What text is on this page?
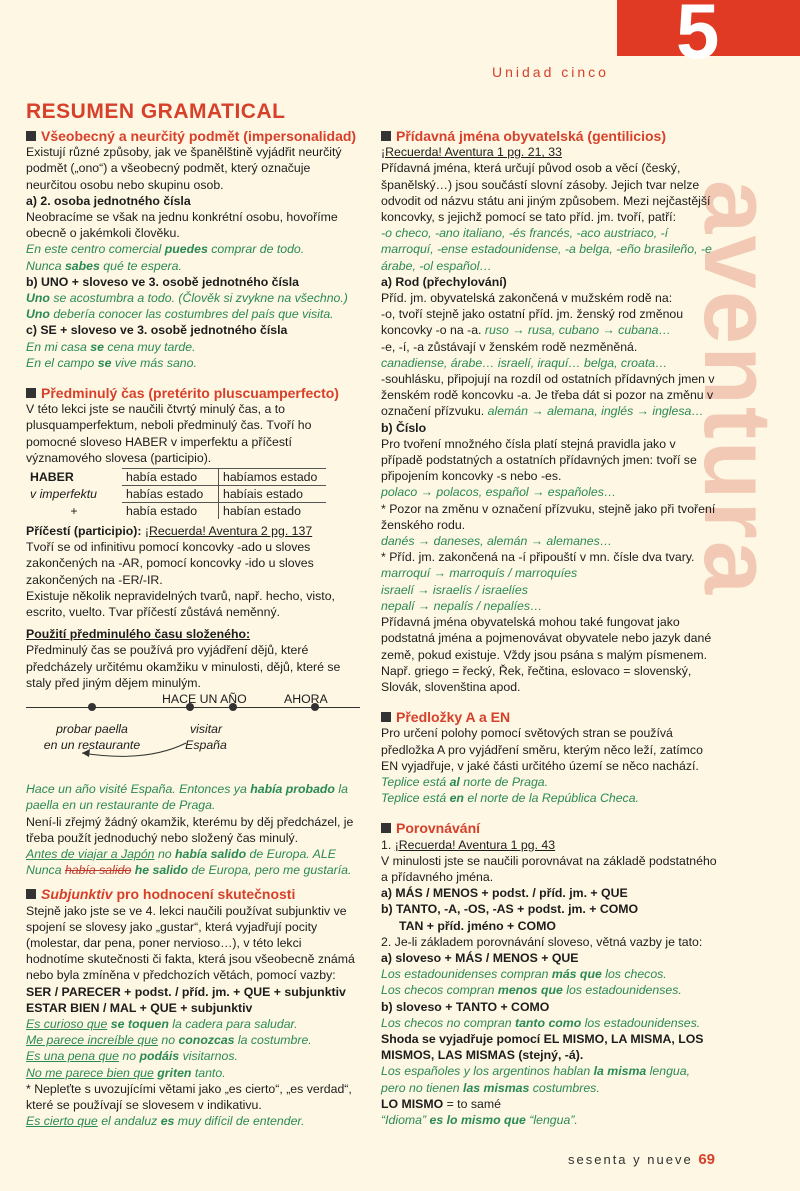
5
Unidad cinco
aventura
RESUMEN GRAMATICAL
Všeobecný a neurčitý podmět (impersonalidad)

Existují různé způsoby, jak ve španělštině vyjádřit neurčitý podmět („ono“) a všeobecný podmět, který označuje neurčitou osobu nebo skupinu osob.

a) 2. osoba jednotného čísla

Neobracíme se však na jednu konkrétní osobu, hovoříme obecně o jakémkoli člověku.

En este centro comercial puedes comprar de todo.

Nunca sabes qué te espera.

b) UNO + sloveso ve 3. osobě jednotného čísla

Uno se acostumbra a todo. (Člověk si zvykne na všechno.)

Uno debería conocer las costumbres del país que visita.

c) SE + sloveso ve 3. osobě jednotného čísla

En mi casa se cena muy tarde.

En el campo se vive más sano.

Předminulý čas (pretérito pluscuamperfecto)

V této lekci jste se naučili čtvrtý minulý čas, a to plusquamperfektum, neboli předminulý čas. Tvoří ho pomocné sloveso HABER v imperfektu a příčestí významového slovesa (participio).

HABER	había estado	habíamos estado
v imperfektu	habías estado	habíais estado
+	había estado	habían estado

Příčestí (participio): ¡Recuerda! Aventura 2 pg. 137

Tvoří se od infinitivu pomocí koncovky -ado u sloves zakončených na -AR, pomocí koncovky -ido u sloves zakončených na -ER/-IR.

Existuje několik nepravidelných tvarů, např. hecho, visto, escrito, vuelto. Tvar příčestí zůstává neměnný.

Použití předminulého času složeného:

Předminulý čas se používá pro vyjádření dějů, které předcházely určitému okamžiku v minulosti, dějů, které se staly před jiným dějem minulým.

HACE UN AÑO	AHORA
probar paella
en un restaurante
visitar
España

Hace un año visité España. Entonces ya había probado la paella en un restaurante de Praga.

Není-li zřejmý žádný okamžik, kterému by děj předcházel, je třeba použít jednoduchý nebo složený čas minulý.

Antes de viajar a Japón no había salido de Europa. ALE

Nunca había salido he salido de Europa, pero me gustaría.

Subjunktiv pro hodnocení skutečnosti

Stejně jako jste se ve 4. lekci naučili používat subjunktiv ve spojení se slovesy jako „gustar“, která vyjadřují pocity (molestar, dar pena, poner nervioso…), v této lekci hodnotíme skutečnosti či fakta, která jsou všeobecně známá nebo byla zmíněna v předchozích větách, pomocí vazby:

SER / PARECER + podst. / příd. jm. + QUE + subjunktiv

ESTAR BIEN / MAL + QUE + subjunktiv

Es curioso que se toquen la cadera para saludar.

Me parece increíble que no conozcas la costumbre.

Es una pena que no podáis visitarnos.

No me parece bien que griten tanto.

* Nepleťte s uvozujícími větami jako „es cierto“, „es verdad“, které se používají se slovesem v indikativu.

Es cierto que el andaluz es muy difícil de entender.

Přídavná jména obyvatelská (gentilicios)

¡Recuerda! Aventura 1 pg. 21, 33

Přídavná jména, která určují původ osob a věcí (český, španělský…) jsou součástí slovní zásoby. Jejich tvar nelze odvodit od názvu státu ani jiným způsobem. Mezi nejčastější koncovky, s jejichž pomocí se tato příd. jm. tvoří, patří:

-o checo, -ano italiano, -és francés, -aco austriaco, -í marroquí, -ense estadounidense, -a belga, -eño brasileño, -e árabe, -ol español…

a) Rod (přechylování)

Příd. jm. obyvatelská zakončená v mužském rodě na:

-o, tvoří stejně jako ostatní příd. jm. ženský rod změnou koncovky -o na -a. ruso → rusa, cubano → cubana…

-e, -í, -a zůstávají v ženském rodě nezměněná.

canadiense, árabe… israelí, iraquí… belga, croata…

-souhlásku, připojují na rozdíl od ostatních přídavných jmen v ženském rodě koncovku -a. Je třeba dát si pozor na změnu v označení přízvuku. alemán → alemana, inglés → inglesa…

b) Číslo

Pro tvoření množného čísla platí stejná pravidla jako v případě podstatných a ostatních přídavných jmen: tvoří se připojením koncovky -s nebo -es.

polaco → polacos, español → españoles…

* Pozor na změnu v označení přízvuku, stejně jako při tvoření ženského rodu.

danés → daneses, alemán → alemanes…

* Příd. jm. zakončená na -í připouští v mn. čísle dva tvary.

marroquí → marroquís / marroquíes

israelí → israelís / israelíes

nepalí → nepalís / nepalíes…

Přídavná jména obyvatelská mohou také fungovat jako podstatná jména a pojmenovávat obyvatele nebo jazyk dané země, pokud existuje. Vždy jsou psána s malým písmenem. Např. griego = řecký, Řek, řečtina, eslovaco = slovenský, Slovák, slovenština apod.

Předložky A a EN

Pro určení polohy pomocí světových stran se používá předložka A pro vyjádření směru, kterým něco leží, zatímco EN vyjadřuje, v jaké části určitého území se něco nachází.

Teplice está al norte de Praga.

Teplice está en el norte de la República Checa.

Porovnávání

1. ¡Recuerda! Aventura 1 pg. 43

V minulosti jste se naučili porovnávat na základě podstatného a přídavného jména.

a) MÁS / MENOS + podst. / příd. jm. + QUE

b) TANTO, -A, -OS, -AS + podst. jm. + COMO

TAN + příd. jméno + COMO

2. Je-li základem porovnávání sloveso, větná vazby je tato:

a) sloveso + MÁS / MENOS + QUE

Los estadounidenses compran más que los checos.

Los checos compran menos que los estadounidenses.

b) sloveso + TANTO + COMO

Los checos no compran tanto como los estadounidenses.

Shoda se vyjadřuje pomocí EL MISMO, LA MISMA, LOS MISMOS, LAS MISMAS (stejný, -á).

Los españoles y los argentinos hablan la misma lengua, pero no tienen las mismas costumbres.

LO MISMO = to samé

“Idioma” es lo mismo que “lengua”.

sesenta y nueve 69
